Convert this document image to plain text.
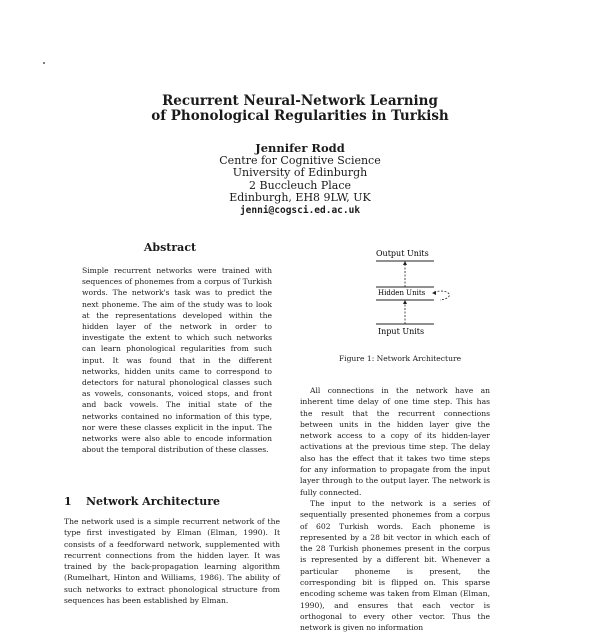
Recurrent Neural-Network Learning
of Phonological Regularities in Turkish
Jennifer Rodd
Centre for Cognitive Science
University of Edinburgh
2 Buccleuch Place
Edinburgh, EH8 9LW, UK
jenni@cogsci.ed.ac.uk
Abstract

Simple recurrent networks were trained with sequences of phonemes from a corpus of Turkish words. The network's task was to predict the next phoneme. The aim of the study was to look at the representations developed within the hidden layer of the network in order to investigate the extent to which such networks can learn phonological regularities from such input. It was found that in the different networks, hidden units came to correspond to detectors for natural phonological classes such as vowels, consonants, voiced stops, and front and back vowels. The initial state of the networks contained no information of this type, nor were these classes explicit in the input. The networks were also able to encode information about the temporal distribution of these classes.

1 Network Architecture

The network used is a simple recurrent network of the type first investigated by Elman (Elman, 1990). It consists of a feedforward network, supplemented with recurrent connections from the hidden layer. It was trained by the back-propagation learning algorithm (Rumelhart, Hinton and Williams, 1986). The ability of such networks to extract phonological structure from sequences has been established by Elman.

Output Units
Hidden Units
Input Units
Figure 1: Network Architecture

All connections in the network have an inherent time delay of one time step. This has the result that the recurrent connections between units in the hidden layer give the network access to a copy of its hidden-layer activations at the previous time step. The delay also has the effect that it takes two time steps for any information to propagate from the input layer through to the output layer. The network is fully connected.

The input to the network is a series of sequentially presented phonemes from a corpus of 602 Turkish words. Each phoneme is represented by a 28 bit vector in which each of the 28 Turkish phonemes present in the corpus is represented by a different bit. Whenever a particular phoneme is present, the corresponding bit is flipped on. This sparse encoding scheme was taken from Elman (Elman, 1990), and ensures that each vector is orthogonal to every other vector. Thus the network is given no information
